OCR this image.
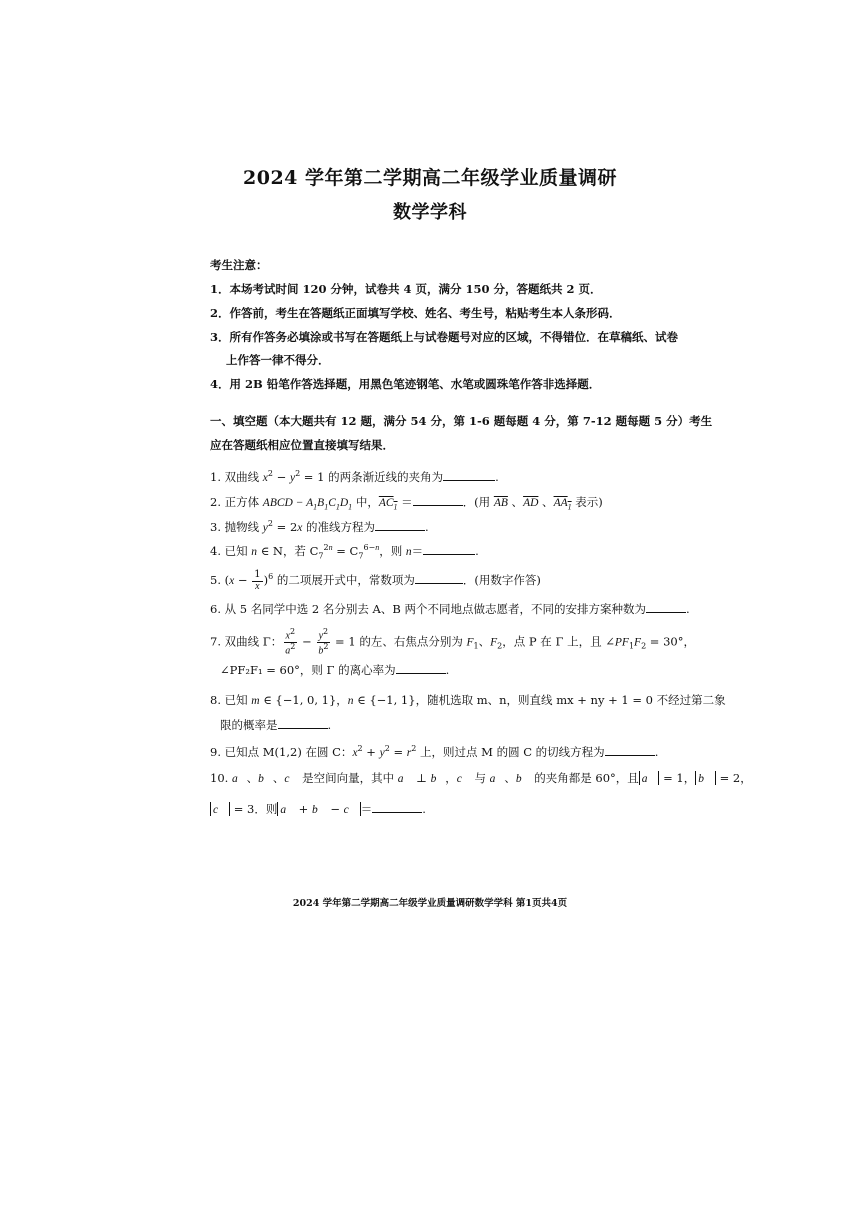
2024 学年第二学期高二年级学业质量调研
数学学科
考生注意：
1．本场考试时间 120 分钟，试卷共 4 页，满分 150 分，答题纸共 2 页．
2．作答前，考生在答题纸正面填写学校、姓名、考生号，粘贴考生本人条形码．
3．所有作答务必填涂或书写在答题纸上与试卷题号对应的区域，不得错位．在草稿纸、试卷
上作答一律不得分．
4．用 2B 铅笔作答选择题，用黑色笔迹钢笔、水笔或圆珠笔作答非选择题．
一、填空题（本大题共有 12 题，满分 54 分，第 1-6 题每题 4 分，第 7-12 题每题 5 分）考生
应在答题纸相应位置直接填写结果．
1. 双曲线 $x^2 - y^2 = 1$ 的两条渐近线的夹角为	.
2. 正方体 ABCD − $A_1B_1C_1D_1$ 中，$AC_1$ ＝	．(用 $\overline{AB}$ 、$\overline{AD}$ 、$AA_1$ 表示)
3. 抛物线 $y^2 = 2x$ 的准线方程为	.
4. 已知 n ∈ N，若 $C_7^{2n} = C_7^{6-n}$，则 n＝	.
5. $(x - \frac{1}{x} )^6$ 的二项展开式中，常数项为	．(用数字作答)
6. 从 5 名同学中选 2 名分别去 A、B 两个不同地点做志愿者，不同的安排方案种数为	.
7. 双曲线 Γ： $\frac{x^2}{a^2} - \frac{y^2}{b^2} = 1$ 的左、右焦点分别为 $F_1$、$F_2$，点 P 在 Γ 上，且 $\angle PF_1F_2 = 30^\circ$，
∠PF₂F₁ = 60°，则 Γ 的离心率为	.
8. 已知 m ∈ {−1, 0, 1}，n ∈ {−1, 1}，随机选取 m、n，则直线 mx + ny + 1 = 0 不经过第二象
限的概率是	.
9. 已知点 M(1,2) 在圆 C：$x^2 + y^2 = r^2$ 上，则过点 M 的圆 C 的切线方程为	.
10. a⃗、b⃗、c⃗ 是空间向量，其中 a⃗ ⊥ b⃗，c⃗ 与 a⃗、b⃗ 的夹角都是 60°，且 a⃗ = 1， b⃗ = 2，
c⃗ = 3．则 a⃗ + b⃗ − c⃗ ＝	.
2024 学年第二学期高二年级学业质量调研数学学科 第1页共4页
